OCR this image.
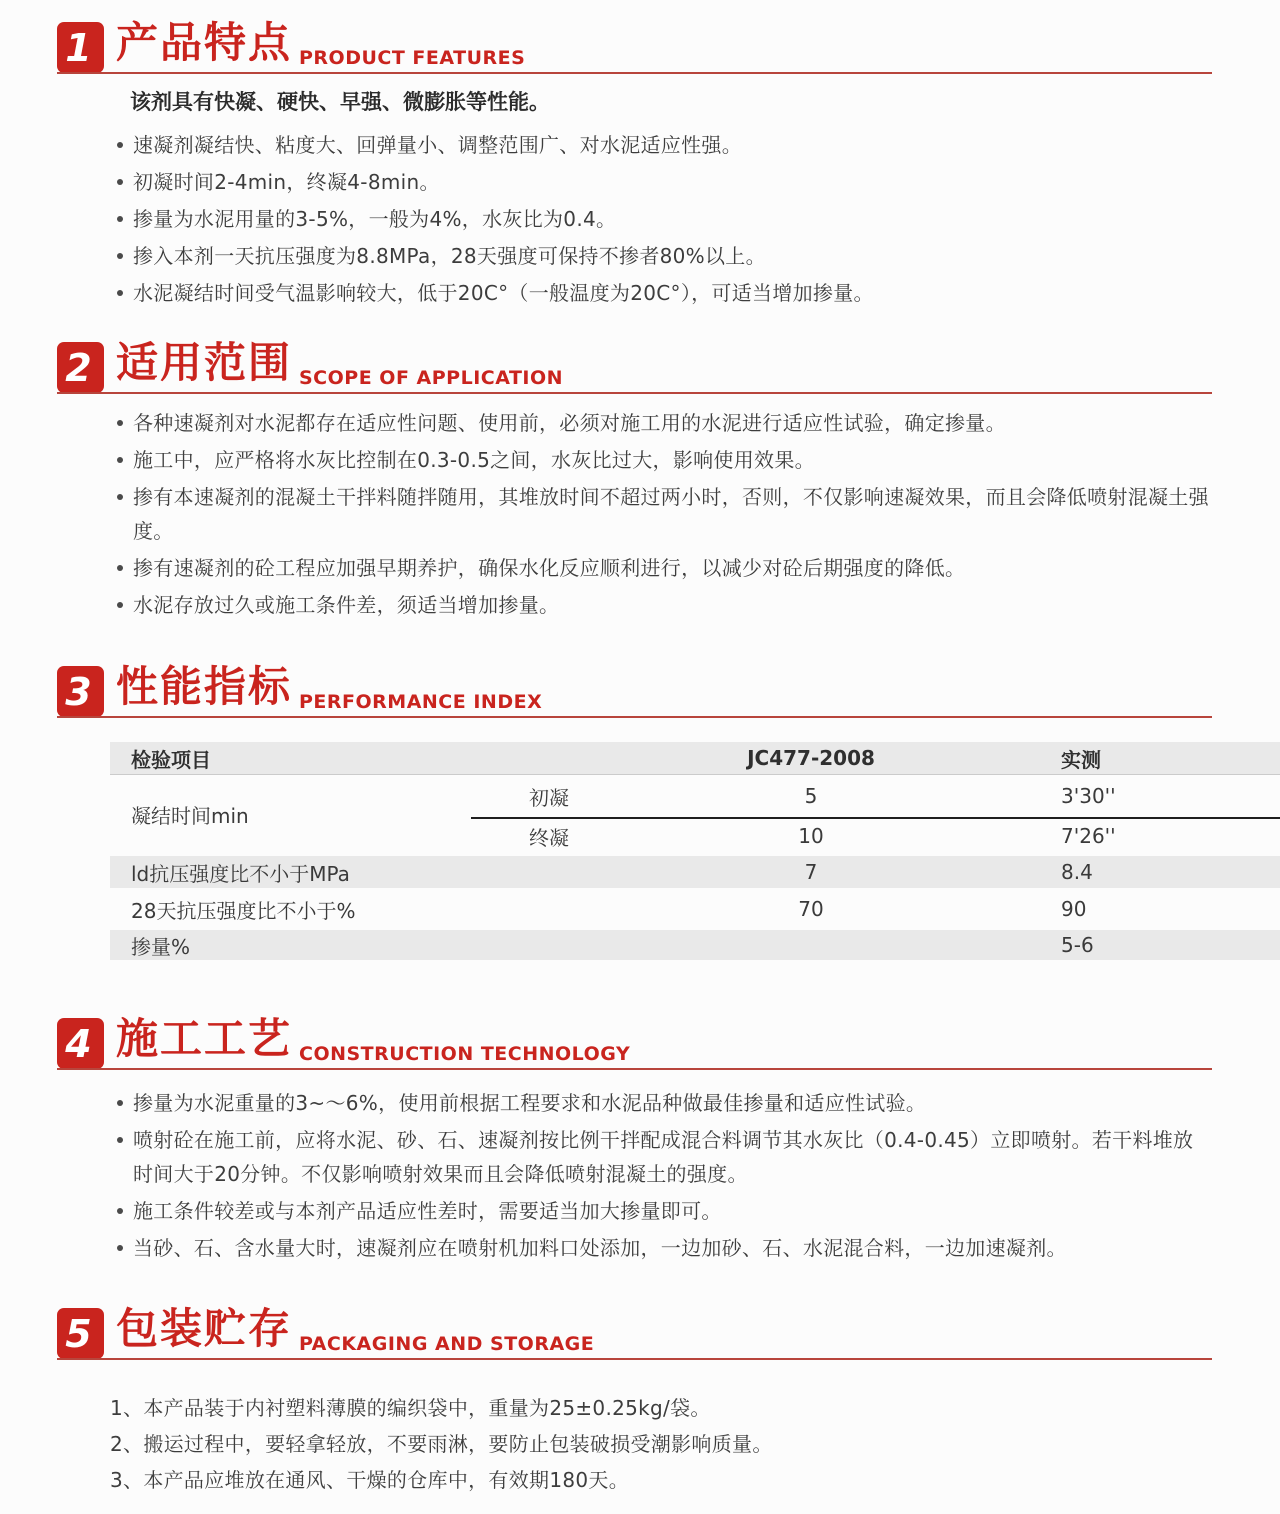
1 产品特点 PRODUCT FEATURES

该剂具有快凝、硬快、早强、微膨胀等性能。

速凝剂凝结快、粘度大、回弹量小、调整范围广、对水泥适应性强。
初凝时间2-4min，终凝4-8min。
掺量为水泥用量的3-5%，一般为4%，水灰比为0.4。
掺入本剂一天抗压强度为8.8MPa，28天强度可保持不掺者80%以上。
水泥凝结时间受气温影响较大，低于20C°（一般温度为20C°），可适当增加掺量。
2 适用范围 SCOPE OF APPLICATION
各种速凝剂对水泥都存在适应性问题、使用前，必须对施工用的水泥进行适应性试验，确定掺量。
施工中，应严格将水灰比控制在0.3-0.5之间，水灰比过大，影响使用效果。
掺有本速凝剂的混凝土干拌料随拌随用，其堆放时间不超过两小时，否则，不仅影响速凝效果，而且会降低喷射混凝土强度。
掺有速凝剂的砼工程应加强早期养护，确保水化反应顺利进行，以减少对砼后期强度的降低。
水泥存放过久或施工条件差，须适当增加掺量。
3 性能指标 PERFORMANCE INDEX
检验项目		JC477-2008	实测
凝结时间min	初凝	5	3'30''
	终凝	10	7'26''
ld抗压强度比不小于MPa		7	8.4
28天抗压强度比不小于%		70	90
掺量%			5-6
4 施工工艺 CONSTRUCTION TECHNOLOGY
掺量为水泥重量的3~～6%，使用前根据工程要求和水泥品种做最佳掺量和适应性试验。
喷射砼在施工前，应将水泥、砂、石、速凝剂按比例干拌配成混合料调节其水灰比（0.4-0.45）立即喷射。若干料堆放时间大于20分钟。不仅影响喷射效果而且会降低喷射混凝土的强度。
施工条件较差或与本剂产品适应性差时，需要适当加大掺量即可。
当砂、石、含水量大时，速凝剂应在喷射机加料口处添加，一边加砂、石、水泥混合料，一边加速凝剂。
5 包装贮存 PACKAGING AND STORAGE
1、本产品装于内衬塑料薄膜的编织袋中，重量为25±0.25kg/袋。
2、搬运过程中，要轻拿轻放，不要雨淋，要防止包装破损受潮影响质量。
3、本产品应堆放在通风、干燥的仓库中，有效期180天。
